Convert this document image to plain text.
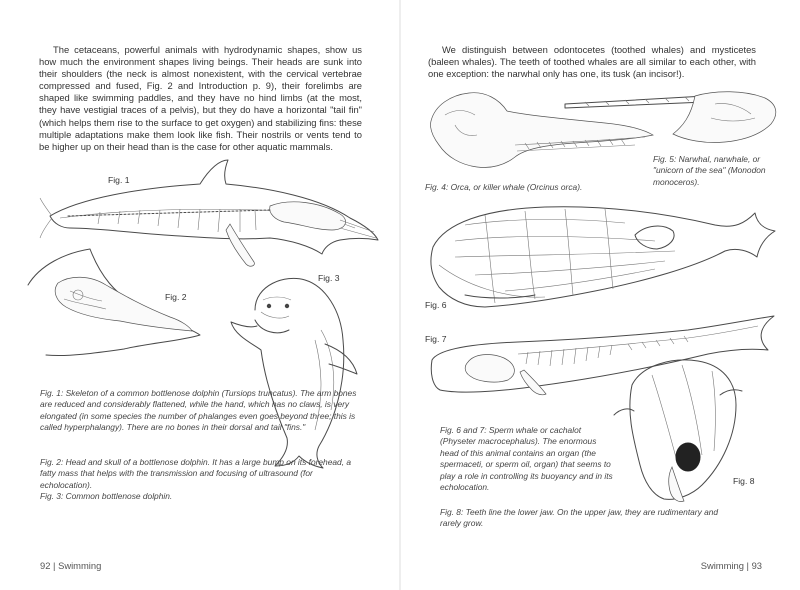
The cetaceans, powerful animals with hydrodynamic shapes, show us how much the environment shapes living beings. Their heads are sunk into their shoulders (the neck is almost nonexistent, with the cervical vertebrae compressed and fused, Fig. 2 and Introduction p. 9), their forelimbs are shaped like swimming paddles, and they have no hind limbs (at the most, they have vestigial traces of a pelvis), but they do have a horizontal "tail fin" (which helps them rise to the surface to get oxygen) and stabilizing fins: these multiple adaptations make them look like fish. Their nostrils or vents tend to be higher up on their head than is the case for other aquatic mammals.

Fig. 1
Fig. 2
Fig. 3

Fig. 1: Skeleton of a common bottlenose dolphin (Tursiops truncatus). The arm bones are reduced and considerably flattened, while the hand, which has no claws, is very elongated (in some species the number of phalanges even goes beyond three; this is called hyperphalangy). There are no bones in their dorsal and tail "fins."

Fig. 2: Head and skull of a bottlenose dolphin. It has a large bump on its forehead, a fatty mass that helps with the transmission and focusing of ultrasound (for echolocation).

Fig. 3: Common bottlenose dolphin.

92 | Swimming

We distinguish between odontocetes (toothed whales) and mysticetes (baleen whales). The teeth of toothed whales are all similar to each other, with one exception: the narwhal only has one, its tusk (an incisor!).

Fig. 5: Narwhal, narwhale, or "unicorn of the sea" (Monodon monoceros).

Fig. 4: Orca, or killer whale (Orcinus orca).

Fig. 6
Fig. 7
Fig. 8

Fig. 6 and 7: Sperm whale or cachalot (Physeter macrocephalus). The enormous head of this animal contains an organ (the spermaceti, or sperm oil, organ) that seems to play a role in controlling its buoyancy and in its echolocation.

Fig. 8: Teeth line the lower jaw. On the upper jaw, they are rudimentary and rarely grow.

Swimming | 93
